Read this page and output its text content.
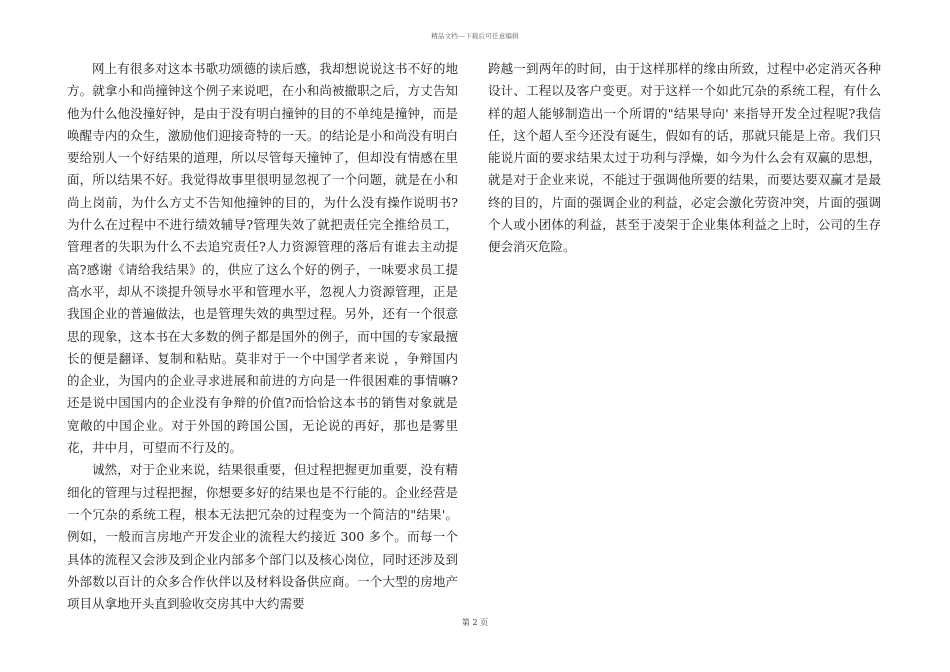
精品文档---下载后可任意编辑

网上有很多对这本书歌功颂德的读后感，我却想说说这书不好的地方。就拿小和尚撞钟这个例子来说吧，在小和尚被撤职之后，方丈告知他为什么他没撞好钟，是由于没有明白撞钟的目的不单纯是撞钟，而是唤醒寺内的众生，激励他们迎接奇特的一天。的结论是小和尚没有明白要给别人一个好结果的道理，所以尽管每天撞钟了，但却没有情感在里面，所以结果不好。我觉得故事里很明显忽视了一个问题，就是在小和尚上岗前，为什么方丈不告知他撞钟的目的，为什么没有操作说明书?为什么在过程中不进行绩效辅导?管理失效了就把责任完全推给员工，管理者的失职为什么不去追究责任?人力资源管理的落后有谁去主动提高?感谢《请给我结果》的，供应了这么个好的例子，一味要求员工提高水平，却从不谈提升领导水平和管理水平，忽视人力资源管理，正是我国企业的普遍做法，也是管理失效的典型过程。另外，还有一个很意思的现象，这本书在大多数的例子都是国外的例子，而中国的专家最擅长的便是翻译、复制和粘贴。莫非对于一个中国学者来说 ，争辩国内的企业，为国内的企业寻求进展和前进的方向是一件很困难的事情嘛?还是说中国国内的企业没有争辩的价值?而恰恰这本书的销售对象就是宽敞的中国企业。对于外国的跨国公国，无论说的再好，那也是雾里花，井中月，可望而不行及的。

诚然，对于企业来说，结果很重要，但过程把握更加重要，没有精细化的管理与过程把握，你想要多好的结果也是不行能的。企业经营是一个冗杂的系统工程，根本无法把冗杂的过程变为一个简洁的"结果'。例如，一般而言房地产开发企业的流程大约接近 300 多个。而每一个具体的流程又会涉及到企业内部多个部门以及核心岗位，同时还涉及到外部数以百计的众多合作伙伴以及材料设备供应商。一个大型的房地产项目从拿地开头直到验收交房其中大约需要

跨越一到两年的时间，由于这样那样的缘由所致，过程中必定消灭各种设计、工程以及客户变更。对于这样一个如此冗杂的系统工程，有什么样的超人能够制造出一个所谓的"结果导向' 来指导开发全过程呢?我信任，这个超人至今还没有诞生，假如有的话，那就只能是上帝。我们只能说片面的要求结果太过于功利与浮燥，如今为什么会有双赢的思想，就是对于企业来说，不能过于强调他所要的结果，而要达要双赢才是最终的目的，片面的强调企业的利益，必定会激化劳资冲突，片面的强调个人或小团体的利益，甚至于凌架于企业集体利益之上时，公司的生存便会消灭危险。

第 2 页
